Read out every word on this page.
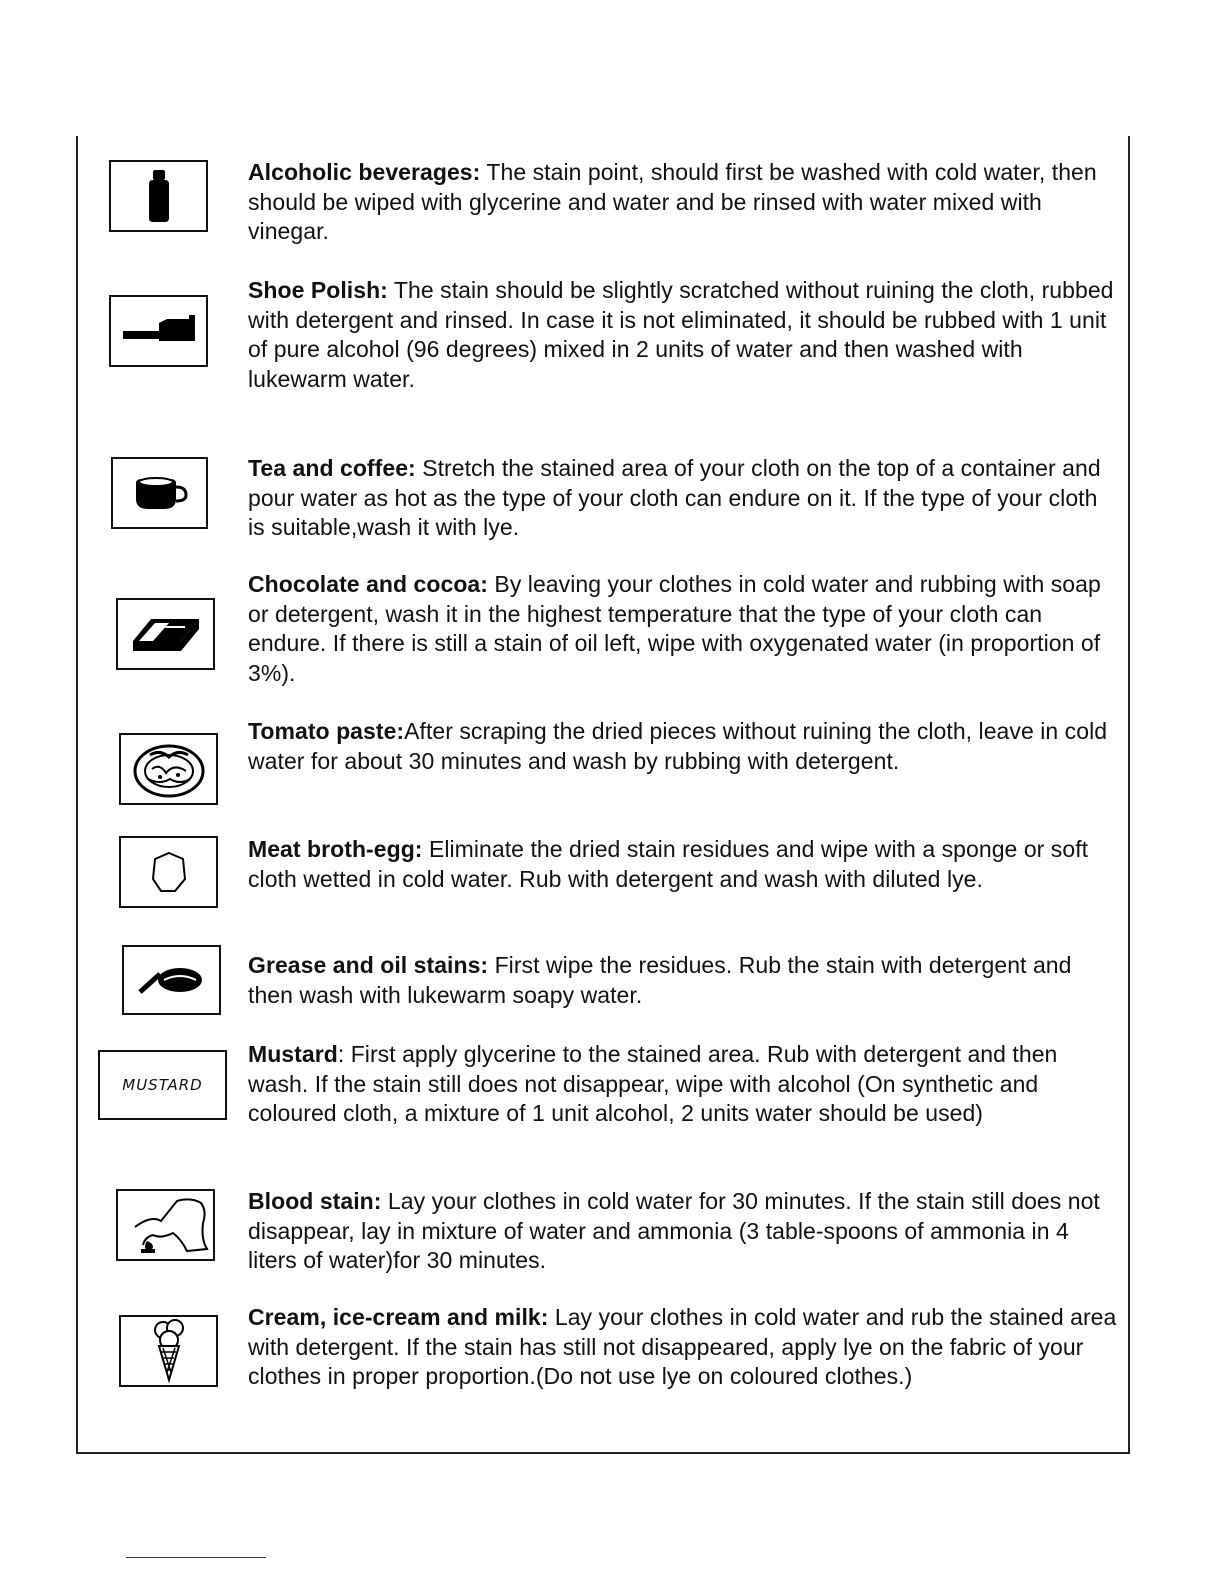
Alcoholic beverages: The stain point, should first be washed with cold water, then should be wiped with glycerine and water and be rinsed with water mixed with vinegar.
Shoe Polish: The stain should be slightly scratched without ruining the cloth, rubbed with detergent and rinsed. In case it is not eliminated, it should be rubbed with 1 unit of pure alcohol (96 degrees) mixed in 2 units of water and then washed with lukewarm water.
Tea and coffee: Stretch the stained area of your cloth on the top of a container and pour water as hot as the type of your cloth can endure on it. If the type of your cloth is suitable,wash it with lye.
Chocolate and cocoa: By leaving your clothes in cold water and rubbing with soap or detergent, wash it in the highest temperature that the type of your cloth can endure. If there is still a stain of oil left, wipe with oxygenated water (in proportion of 3%).
Tomato paste:After scraping the dried pieces without ruining the cloth, leave in cold water for about 30 minutes and wash by rubbing with detergent.
Meat broth-egg: Eliminate the dried stain residues and wipe with a sponge or soft cloth wetted in cold water. Rub with detergent and wash with diluted lye.
Grease and oil stains: First wipe the residues. Rub the stain with detergent and then wash with lukewarm soapy water.
MUSTARD
Mustard: First apply glycerine to the stained area. Rub with detergent and then wash. If the stain still does not disappear, wipe with alcohol (On synthetic and coloured cloth, a mixture of 1 unit alcohol, 2 units water should be used)
Blood stain: Lay your clothes in cold water for 30 minutes. If the stain still does not disappear, lay in mixture of water and ammonia (3 table-spoons of ammonia in 4 liters of water)for 30 minutes.
Cream, ice-cream and milk: Lay your clothes in cold water and rub the stained area with detergent. If the stain has still not disappeared, apply lye on the fabric of your clothes in proper proportion.(Do not use lye on coloured clothes.)
